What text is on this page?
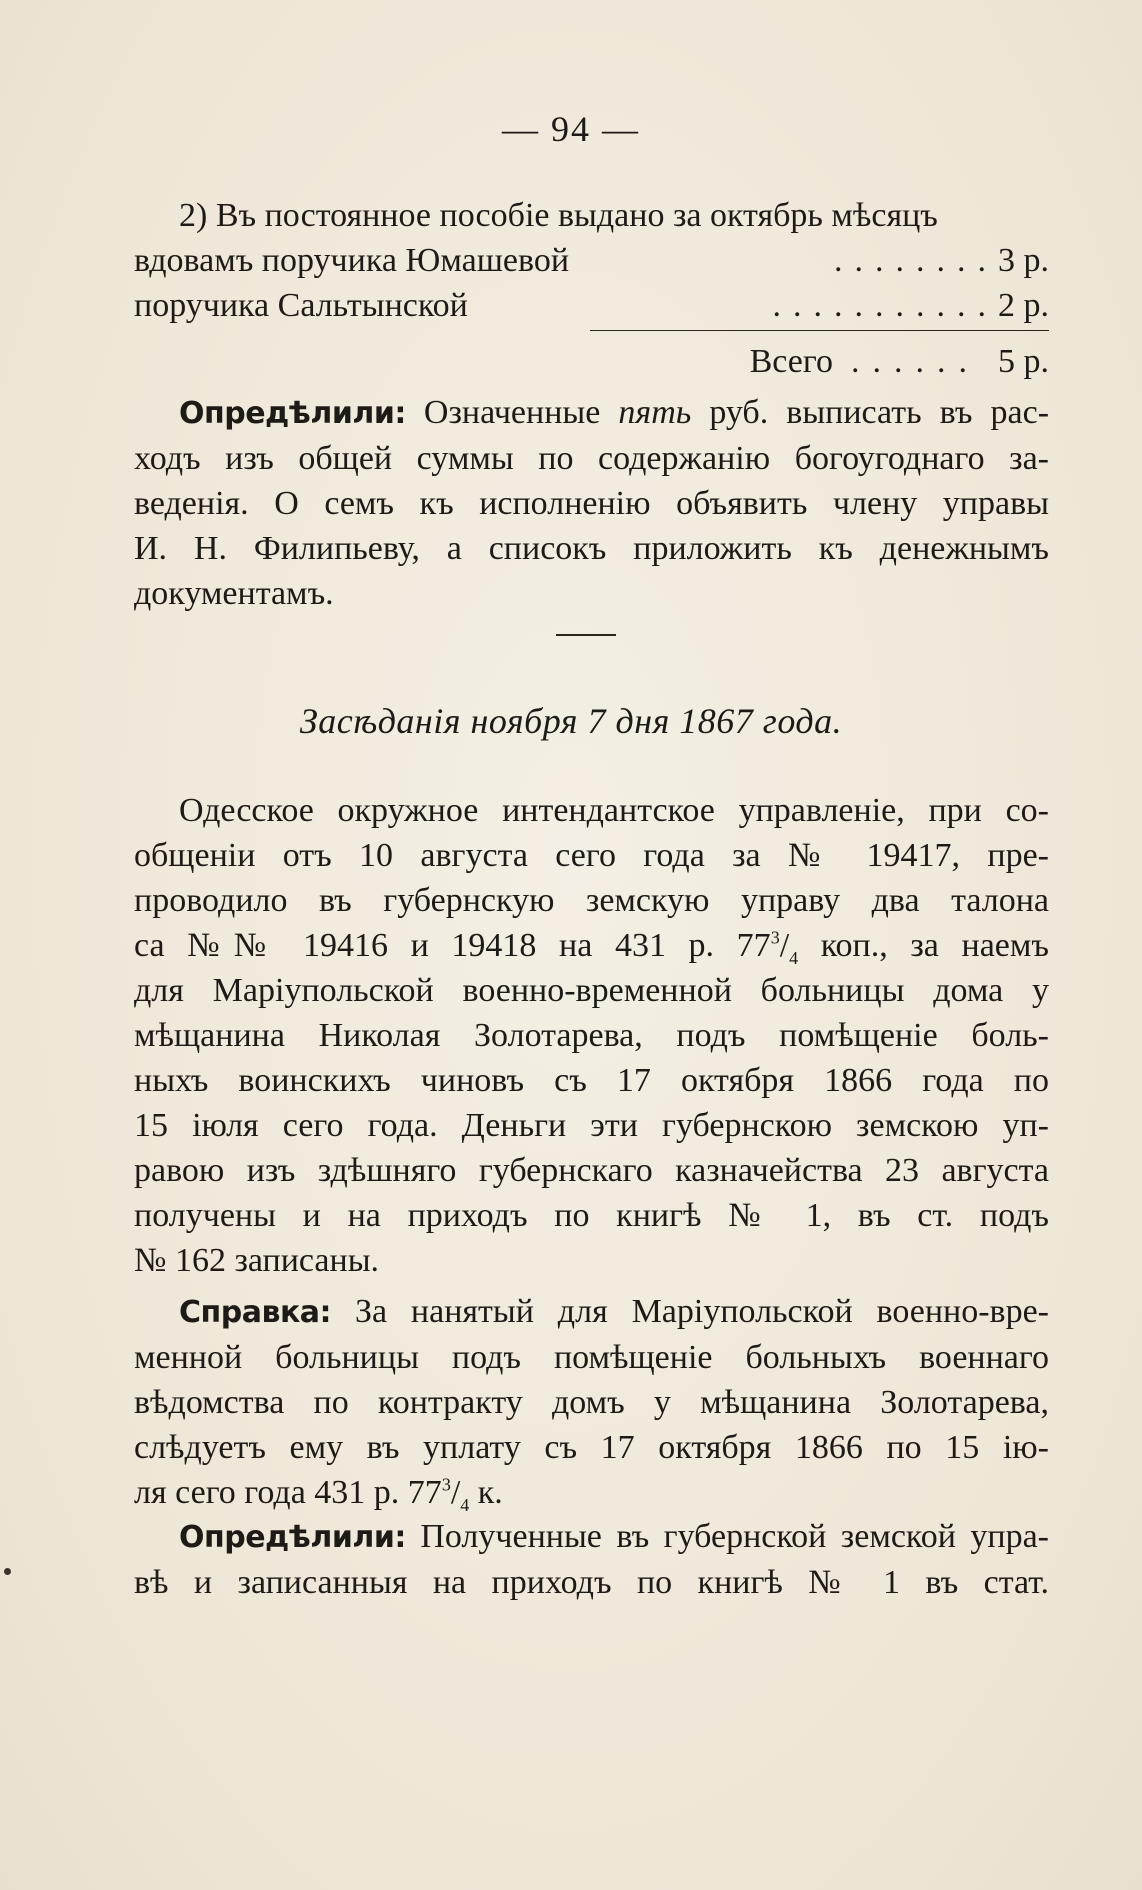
— 94 —
2) Въ постоянное пособіе выдано за октябрь мѣсяцъ
вдовамъ поручика Юмашевой	........ 3 р.
поручика Сальтынской	........... 2 р.
Всего ...... 5 р.
Опредѣлили: Означенные пять руб. выписать въ рас-
ходъ изъ общей суммы по содержанію богоугоднаго за-
веденія. О семъ къ исполненію объявить члену управы
И. Н. Филипьеву, а списокъ приложить къ денежнымъ
документамъ.
Засѣданія ноября 7 дня 1867 года.
Одесское окружное интендантское управленіе, при со-
общеніи отъ 10 августа сего года за № 19417, пре-
проводило въ губернскую земскую управу два талона
са №№ 19416 и 19418 на 431 р. $77^3/_4$ коп., за наемъ
для Маріупольской военно-временной больницы дома у
мѣщанина Николая Золотарева, подъ помѣщеніе боль-
ныхъ воинскихъ чиновъ съ 17 октября 1866 года по
15 іюля сего года. Деньги эти губернскою земскою уп-
равою изъ здѣшняго губернскаго казначейства 23 августа
получены и на приходъ по книгѣ № 1, въ ст. подъ
№ 162 записаны.
Справка: За нанятый для Маріупольской военно-вре-
менной больницы подъ помѣщеніе больныхъ военнаго
вѣдомства по контракту домъ у мѣщанина Золотарева,
слѣдуетъ ему въ уплату съ 17 октября 1866 по 15 ію-
ля сего года 431 р. $77^3/_4$ к.
Опредѣлили: Полученные въ губернской земской упра-
вѣ и записанныя на приходъ по книгѣ № 1 въ стат.
